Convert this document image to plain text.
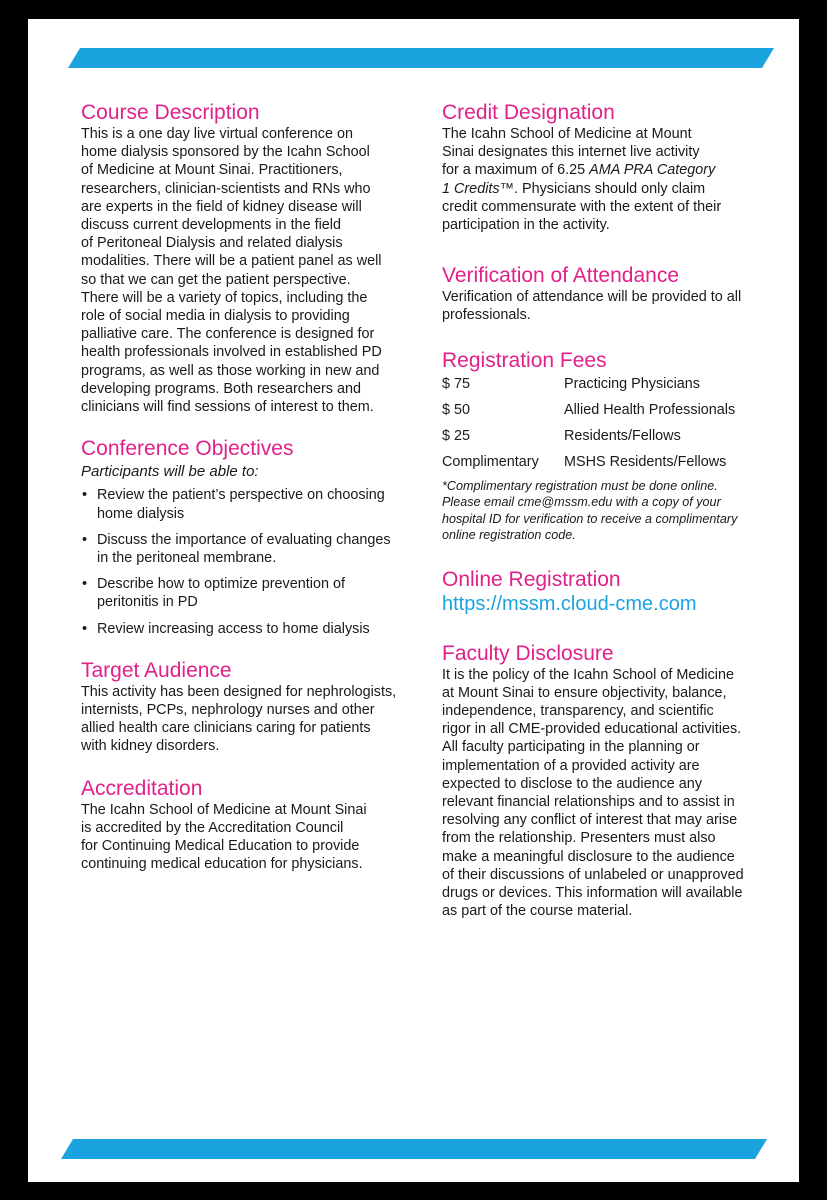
Course Description

This is a one day live virtual conference on
home dialysis sponsored by the Icahn School
of Medicine at Mount Sinai. Practitioners,
researchers, clinician-scientists and RNs who
are experts in the field of kidney disease will
discuss current developments in the field
of Peritoneal Dialysis and related dialysis
modalities. There will be a patient panel as well
so that we can get the patient perspective.
There will be a variety of topics, including the
role of social media in dialysis to providing
palliative care. The conference is designed for
health professionals involved in established PD
programs, as well as those working in new and
developing programs. Both researchers and
clinicians will find sessions of interest to them.

Conference Objectives

Participants will be able to:

• Review the patient’s perspective on choosing
home dialysis
• Discuss the importance of evaluating changes
in the peritoneal membrane.
• Describe how to optimize prevention of
peritonitis in PD
• Review increasing access to home dialysis
Target Audience

This activity has been designed for nephrologists,
internists, PCPs, nephrology nurses and other
allied health care clinicians caring for patients
with kidney disorders.

Accreditation

The Icahn School of Medicine at Mount Sinai
is accredited by the Accreditation Council
for Continuing Medical Education to provide
continuing medical education for physicians.

Credit Designation

The Icahn School of Medicine at Mount
Sinai designates this internet live activity
for a maximum of 6.25 AMA PRA Category
1 Credits™. Physicians should only claim
credit commensurate with the extent of their
participation in the activity.

Verification of Attendance

Verification of attendance will be provided to all
professionals.

Registration Fees
$ 75	Practicing Physicians
$ 50	Allied Health Professionals
$ 25	Residents/Fellows
Complimentary	MSHS Residents/Fellows

*Complimentary registration must be done online.
Please email cme@mssm.edu with a copy of your
hospital ID for verification to receive a complimentary
online registration code.

Online Registration
https://mssm.cloud-cme.com
Faculty Disclosure

It is the policy of the Icahn School of Medicine
at Mount Sinai to ensure objectivity, balance,
independence, transparency, and scientific
rigor in all CME-provided educational activities.
All faculty participating in the planning or
implementation of a provided activity are
expected to disclose to the audience any
relevant financial relationships and to assist in
resolving any conflict of interest that may arise
from the relationship. Presenters must also
make a meaningful disclosure to the audience
of their discussions of unlabeled or unapproved
drugs or devices. This information will available
as part of the course material.
